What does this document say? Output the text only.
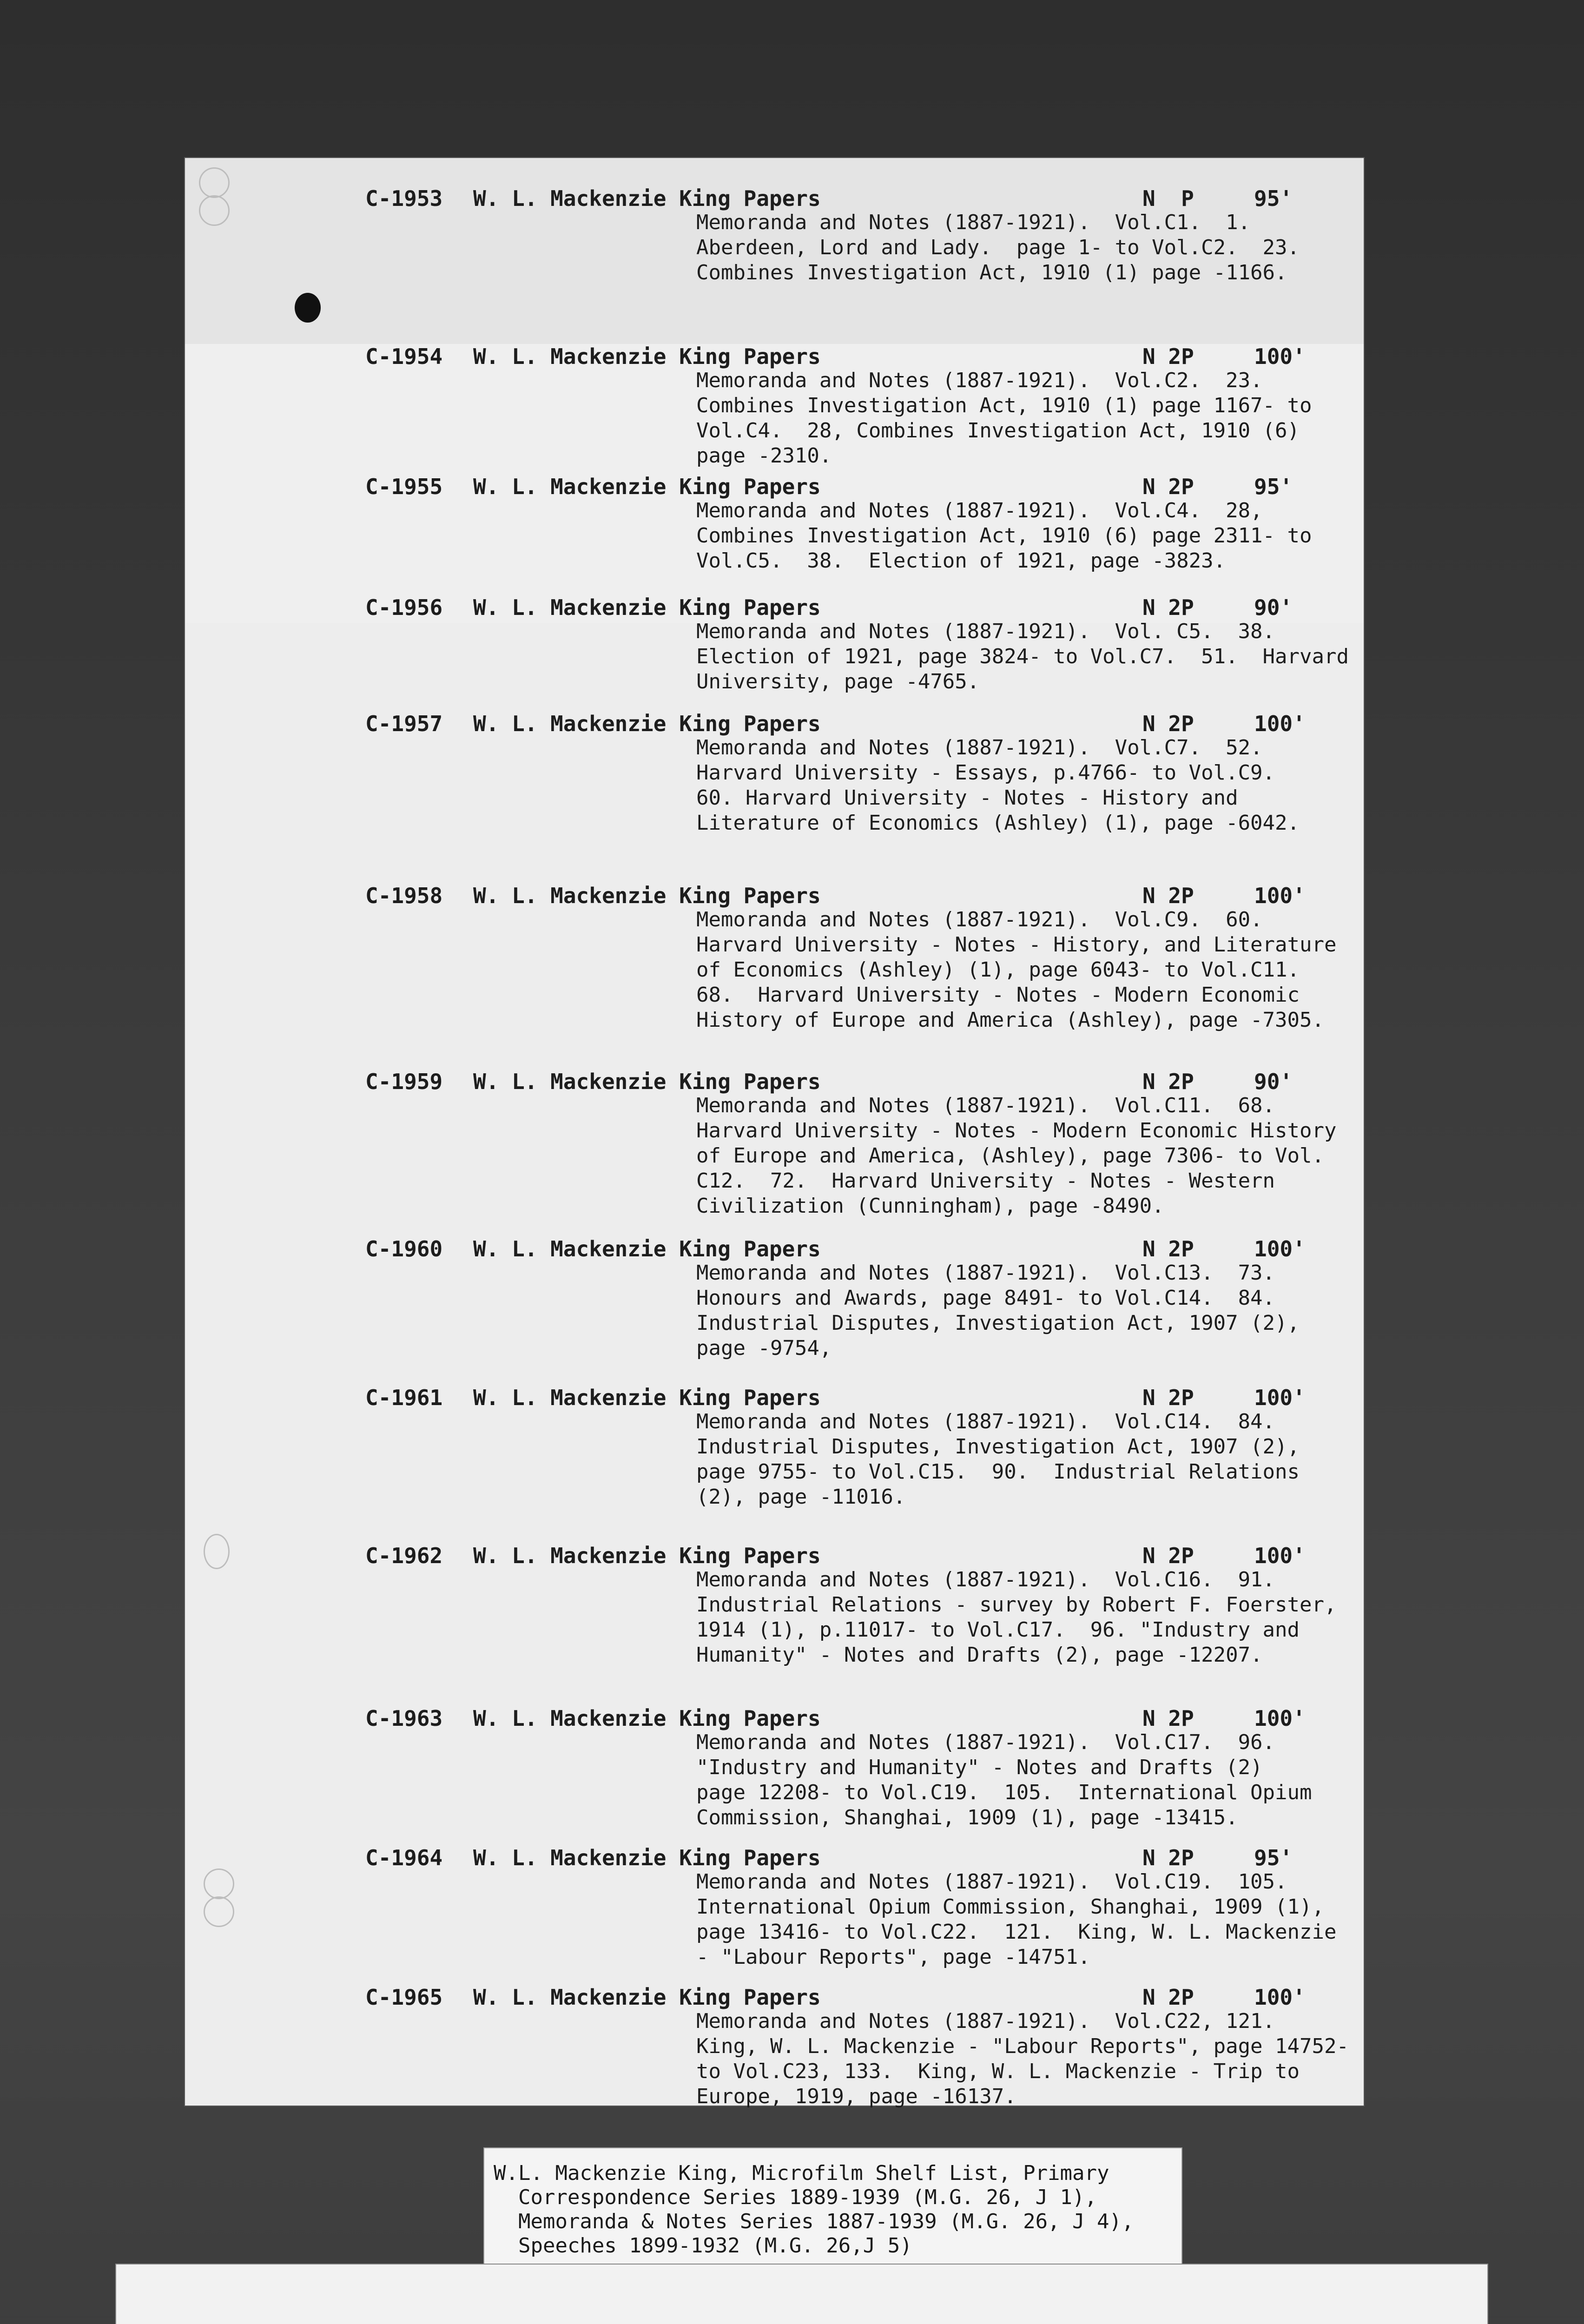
C-1953 W. L. Mackenzie King Papers	N  P	95'
Memoranda and Notes (1887-1921).  Vol.C1.  1.
Aberdeen, Lord and Lady.  page 1- to Vol.C2.  23.
Combines Investigation Act, 1910 (1) page -1166.
C-1954 W. L. Mackenzie King Papers	N 2P	100'
Memoranda and Notes (1887-1921).  Vol.C2.  23.
Combines Investigation Act, 1910 (1) page 1167- to
Vol.C4.  28, Combines Investigation Act, 1910 (6)
page -2310.
C-1955 W. L. Mackenzie King Papers	N 2P	95'
Memoranda and Notes (1887-1921).  Vol.C4.  28,
Combines Investigation Act, 1910 (6) page 2311- to
Vol.C5.  38.  Election of 1921, page -3823.
C-1956 W. L. Mackenzie King Papers	N 2P	90'
Memoranda and Notes (1887-1921).  Vol. C5.  38.
Election of 1921, page 3824- to Vol.C7.  51.  Harvard
University, page -4765.
C-1957 W. L. Mackenzie King Papers	N 2P	100'
Memoranda and Notes (1887-1921).  Vol.C7.  52.
Harvard University - Essays, p.4766- to Vol.C9.
60. Harvard University - Notes - History and
Literature of Economics (Ashley) (1), page -6042.
C-1958 W. L. Mackenzie King Papers	N 2P	100'
Memoranda and Notes (1887-1921).  Vol.C9.  60.
Harvard University - Notes - History, and Literature
of Economics (Ashley) (1), page 6043- to Vol.C11.
68.  Harvard University - Notes - Modern Economic
History of Europe and America (Ashley), page -7305.
C-1959 W. L. Mackenzie King Papers	N 2P	90'
Memoranda and Notes (1887-1921).  Vol.C11.  68.
Harvard University - Notes - Modern Economic History
of Europe and America, (Ashley), page 7306- to Vol.
C12.  72.  Harvard University - Notes - Western
Civilization (Cunningham), page -8490.
C-1960 W. L. Mackenzie King Papers	N 2P	100'
Memoranda and Notes (1887-1921).  Vol.C13.  73.
Honours and Awards, page 8491- to Vol.C14.  84.
Industrial Disputes, Investigation Act, 1907 (2),
page -9754,
C-1961 W. L. Mackenzie King Papers	N 2P	100'
Memoranda and Notes (1887-1921).  Vol.C14.  84.
Industrial Disputes, Investigation Act, 1907 (2),
page 9755- to Vol.C15.  90.  Industrial Relations
(2), page -11016.
C-1962 W. L. Mackenzie King Papers	N 2P	100'
Memoranda and Notes (1887-1921).  Vol.C16.  91.
Industrial Relations - survey by Robert F. Foerster,
1914 (1), p.11017- to Vol.C17.  96. "Industry and
Humanity" - Notes and Drafts (2), page -12207.
C-1963 W. L. Mackenzie King Papers	N 2P	100'
Memoranda and Notes (1887-1921).  Vol.C17.  96.
"Industry and Humanity" - Notes and Drafts (2)
page 12208- to Vol.C19.  105.  International Opium
Commission, Shanghai, 1909 (1), page -13415.
C-1964 W. L. Mackenzie King Papers	N 2P	95'
Memoranda and Notes (1887-1921).  Vol.C19.  105.
International Opium Commission, Shanghai, 1909 (1),
page 13416- to Vol.C22.  121.  King, W. L. Mackenzie
- "Labour Reports", page -14751.
C-1965 W. L. Mackenzie King Papers	N 2P	100'
Memoranda and Notes (1887-1921).  Vol.C22, 121.
King, W. L. Mackenzie - "Labour Reports", page 14752-
to Vol.C23, 133.  King, W. L. Mackenzie - Trip to
Europe, 1919, page -16137.
W.L. Mackenzie King, Microfilm Shelf List, Primary
Correspondence Series 1889-1939 (M.G. 26, J 1),
Memoranda & Notes Series 1887-1939 (M.G. 26, J 4),
Speeches 1899-1932 (M.G. 26,J 5)
